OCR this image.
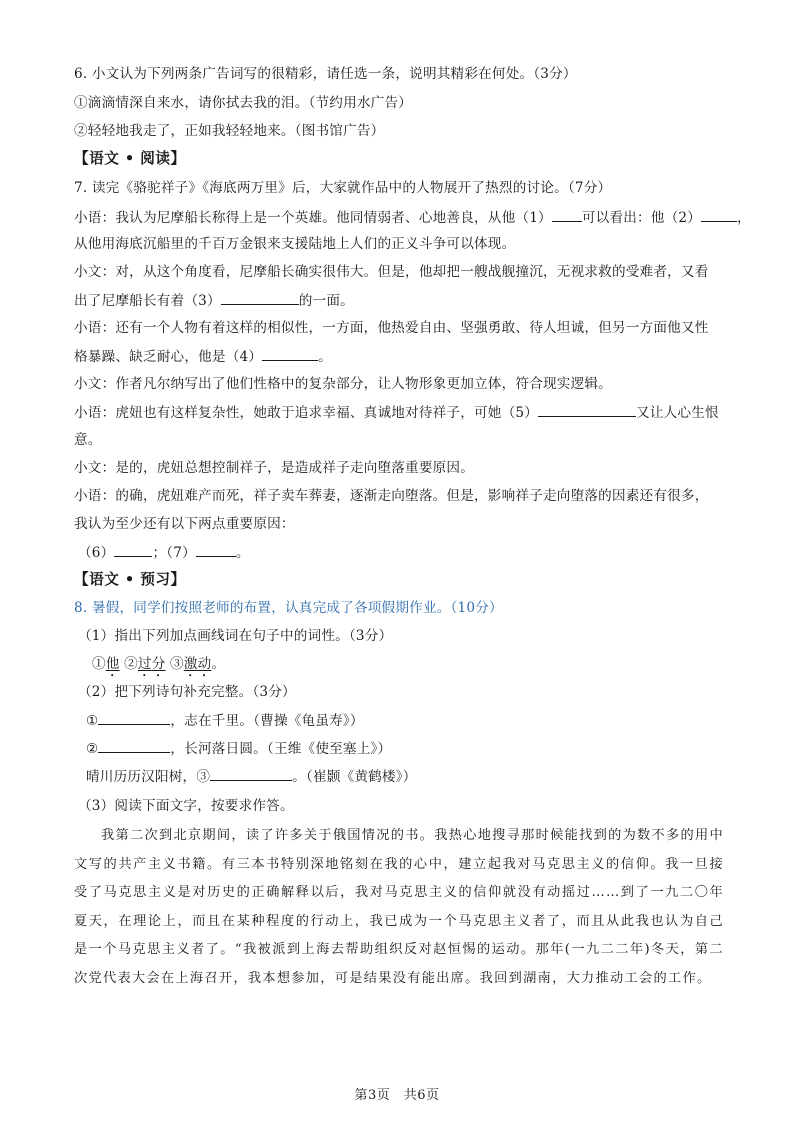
6. 小文认为下列两条广告词写的很精彩，请任选一条，说明其精彩在何处。（3分）
①滴滴情深自来水，请你拭去我的泪。（节约用水广告）
②轻轻地我走了，正如我轻轻地来。（图书馆广告）
【语文 • 阅读】
7. 读完《骆驼祥子》《海底两万里》后，大家就作品中的人物展开了热烈的讨论。（7分）
小语：我认为尼摩船长称得上是一个英雄。他同情弱者、心地善良，从他（1） 可以看出：他（2）	，
从他用海底沉船里的千百万金银来支援陆地上人们的正义斗争可以体现。
小文：对，从这个角度看，尼摩船长确实很伟大。但是，他却把一艘战舰撞沉，无视求救的受难者，又看
出了尼摩船长有着（3）	的一面。
小语：还有一个人物有着这样的相似性，一方面，他热爱自由、坚强勇敢、待人坦诚，但另一方面他又性
格暴躁、缺乏耐心，他是（4）	。
小文：作者凡尔纳写出了他们性格中的复杂部分，让人物形象更加立体，符合现实逻辑。
小语：虎妞也有这样复杂性，她敢于追求幸福、真诚地对待祥子，可她（5）	又让人心生恨
意。
小文：是的，虎妞总想控制祥子，是造成祥子走向堕落重要原因。
小语：的确，虎妞难产而死，祥子卖车葬妻，逐渐走向堕落。但是，影响祥子走向堕落的因素还有很多，
我认为至少还有以下两点重要原因：
（6）	；（7）	。
【语文 • 预习】
8. 暑假，同学们按照老师的布置，认真完成了各项假期作业。（10分）
（1）指出下列加点画线词在句子中的词性。（3分）
①他 ②过分 ③激动。
（2）把下列诗句补充完整。（3分）
①	，志在千里。（曹操《龟虽寿》）
②	，长河落日圆。（王维《使至塞上》）
晴川历历汉阳树，③	。（崔颢《黄鹤楼》）
（3）阅读下面文字，按要求作答。
我第二次到北京期间，读了许多关于俄国情况的书。我热心地搜寻那时候能找到的为数不多的用中文写的共产主义书籍。有三本书特别深地铭刻在我的心中，建立起我对马克思主义的信仰。我一旦接受了马克思主义是对历史的正确解释以后，我对马克思主义的信仰就没有动摇过……到了一九二〇年夏天，在理论上，而且在某种程度的行动上，我已成为一个马克思主义者了，而且从此我也认为自己是一个马克思主义者了。“我被派到上海去帮助组织反对赵恒惕的运动。那年(一九二二年)冬天，第二次党代表大会在上海召开，我本想参加，可是结果没有能出席。我回到湖南，大力推动工会的工作。
第3页　共6页
